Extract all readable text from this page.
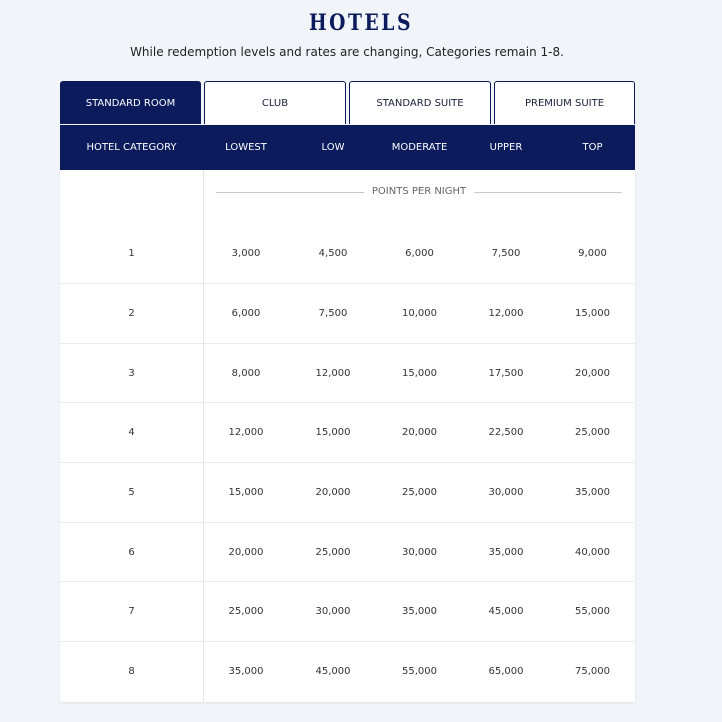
HOTELS
While redemption levels and rates are changing, Categories remain 1-8.
STANDARD ROOM	CLUB	STANDARD SUITE	PREMIUM SUITE
HOTEL CATEGORY	LOWEST	LOW	MODERATE	UPPER	TOP
POINTS PER NIGHT
1	3,000	4,500	6,000	7,500	9,000
2	6,000	7,500	10,000	12,000	15,000
3	8,000	12,000	15,000	17,500	20,000
4	12,000	15,000	20,000	22,500	25,000
5	15,000	20,000	25,000	30,000	35,000
6	20,000	25,000	30,000	35,000	40,000
7	25,000	30,000	35,000	45,000	55,000
8	35,000	45,000	55,000	65,000	75,000
